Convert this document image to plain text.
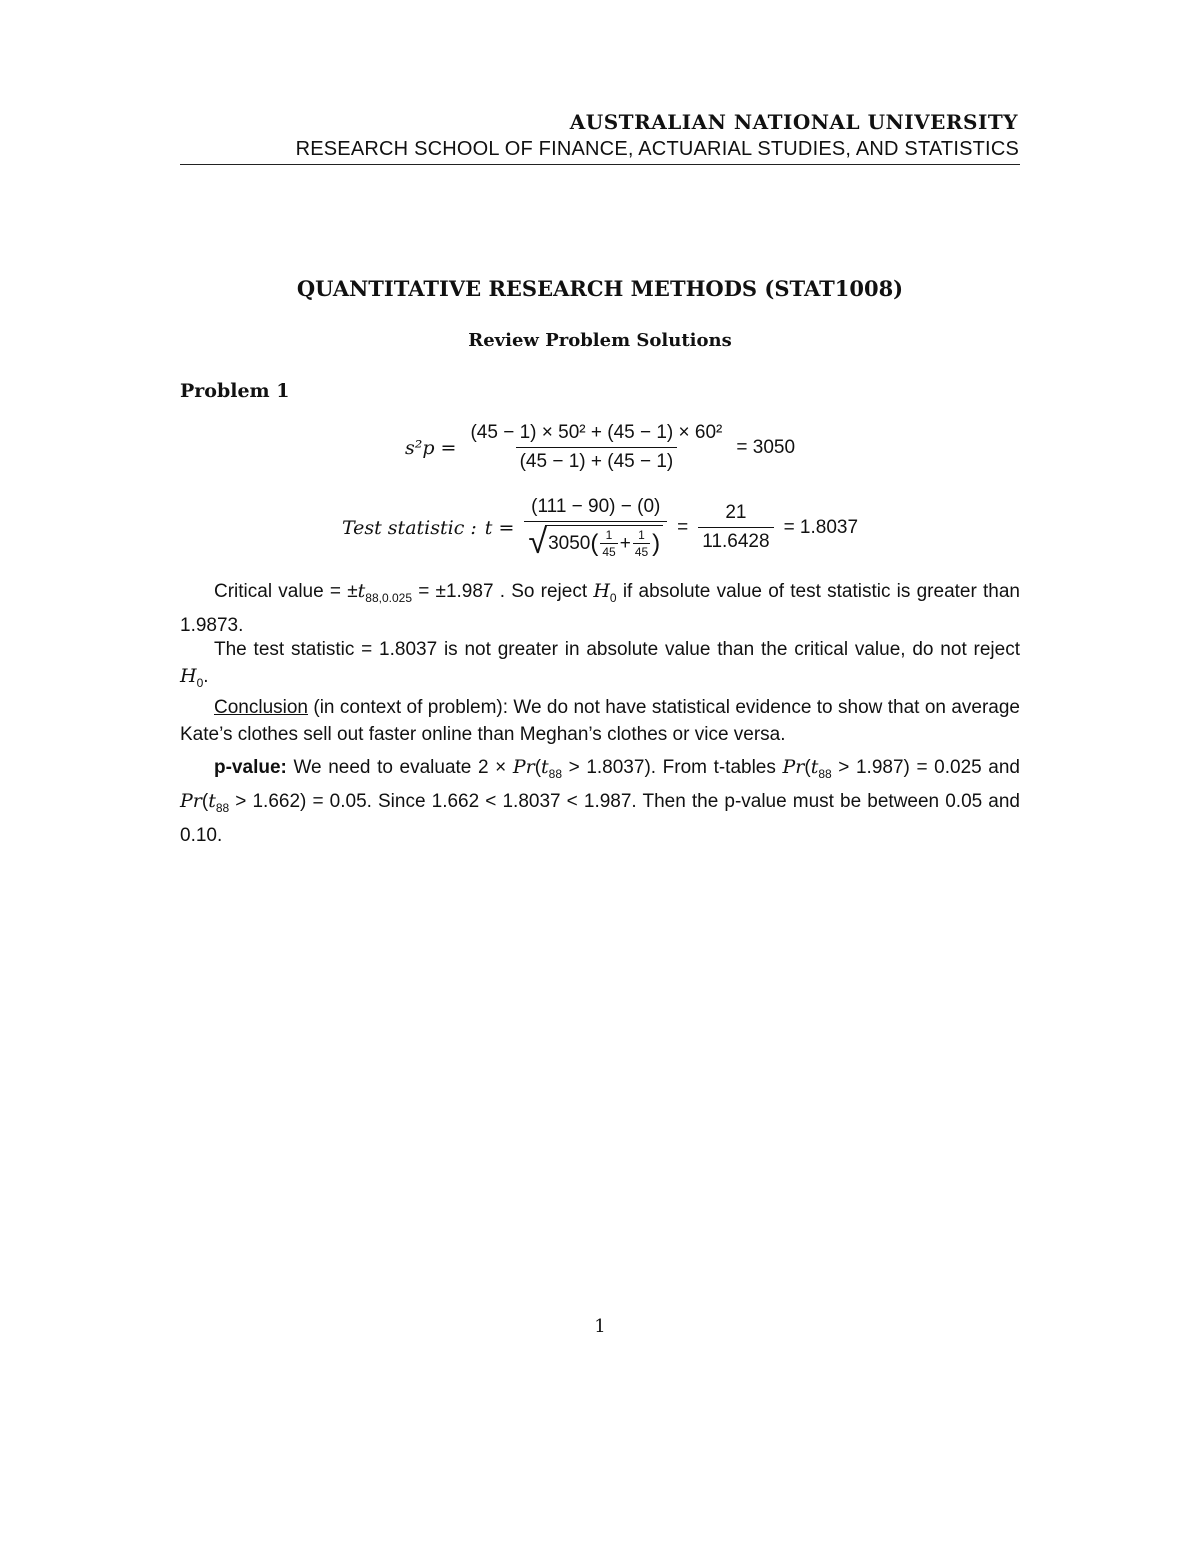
AUSTRALIAN NATIONAL UNIVERSITY
RESEARCH SCHOOL OF FINANCE, ACTUARIAL STUDIES, AND STATISTICS
QUANTITATIVE RESEARCH METHODS (STAT1008)
Review Problem Solutions
Problem 1
$s^2p = \frac{\text{(45 − 1) × 50² + (45 − 1) × 60²}}{(45 - 1) + (45 - 1)} = 3050$
Test statistic : t =
(111 − 90) − (0)
√ 3050 ( $\frac{1}{45} + \frac{1}{45}$ )
= $\frac{21}{11.6428} = 1.8037$
Critical value = $\pm t_{88,0.025} = \pm 1.987$ . So reject $H_0$ if absolute value of test statistic is greater than 1.9873.
The test statistic = 1.8037 is not greater in absolute value than the critical value, do not reject $H_0$.
Conclusion (in context of problem): We do not have statistical evidence to show that on average Kate’s clothes sell out faster online than Meghan’s clothes or vice versa.
p-value: We need to evaluate $2 \times Pr(t_{88} > 1.8037)$. From t-tables $Pr(t_{88} > 1.987) = 0.025$ and $Pr(t_{88} > 1.662) = 0.05$. Since 1.662 < 1.8037 < 1.987. Then the p-value must be between 0.05 and 0.10.
1
